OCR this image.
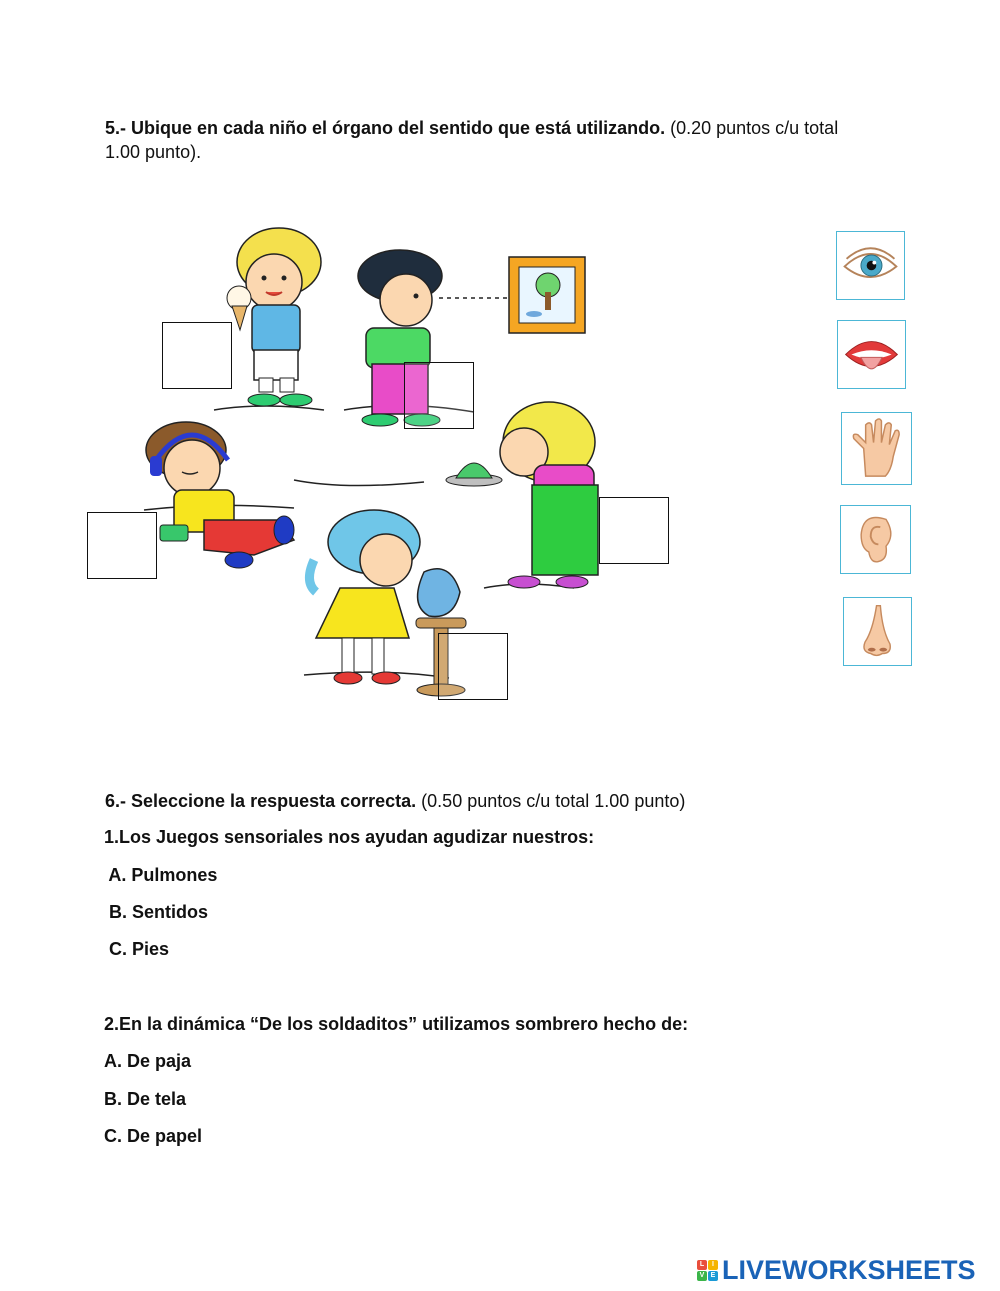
5.- Ubique en cada niño el órgano del sentido que está utilizando. (0.20 puntos c/u total
1.00 punto).
6.- Seleccione la respuesta correcta. (0.50 puntos c/u total 1.00 punto)
1.Los Juegos sensoriales nos ayudan agudizar nuestros:
A. Pulmones
B. Sentidos
C. Pies
2.En la dinámica “De los soldaditos” utilizamos sombrero hecho de:
A. De paja
B. De tela
C. De papel
L	I
V E LIVEWORKSHEETS
